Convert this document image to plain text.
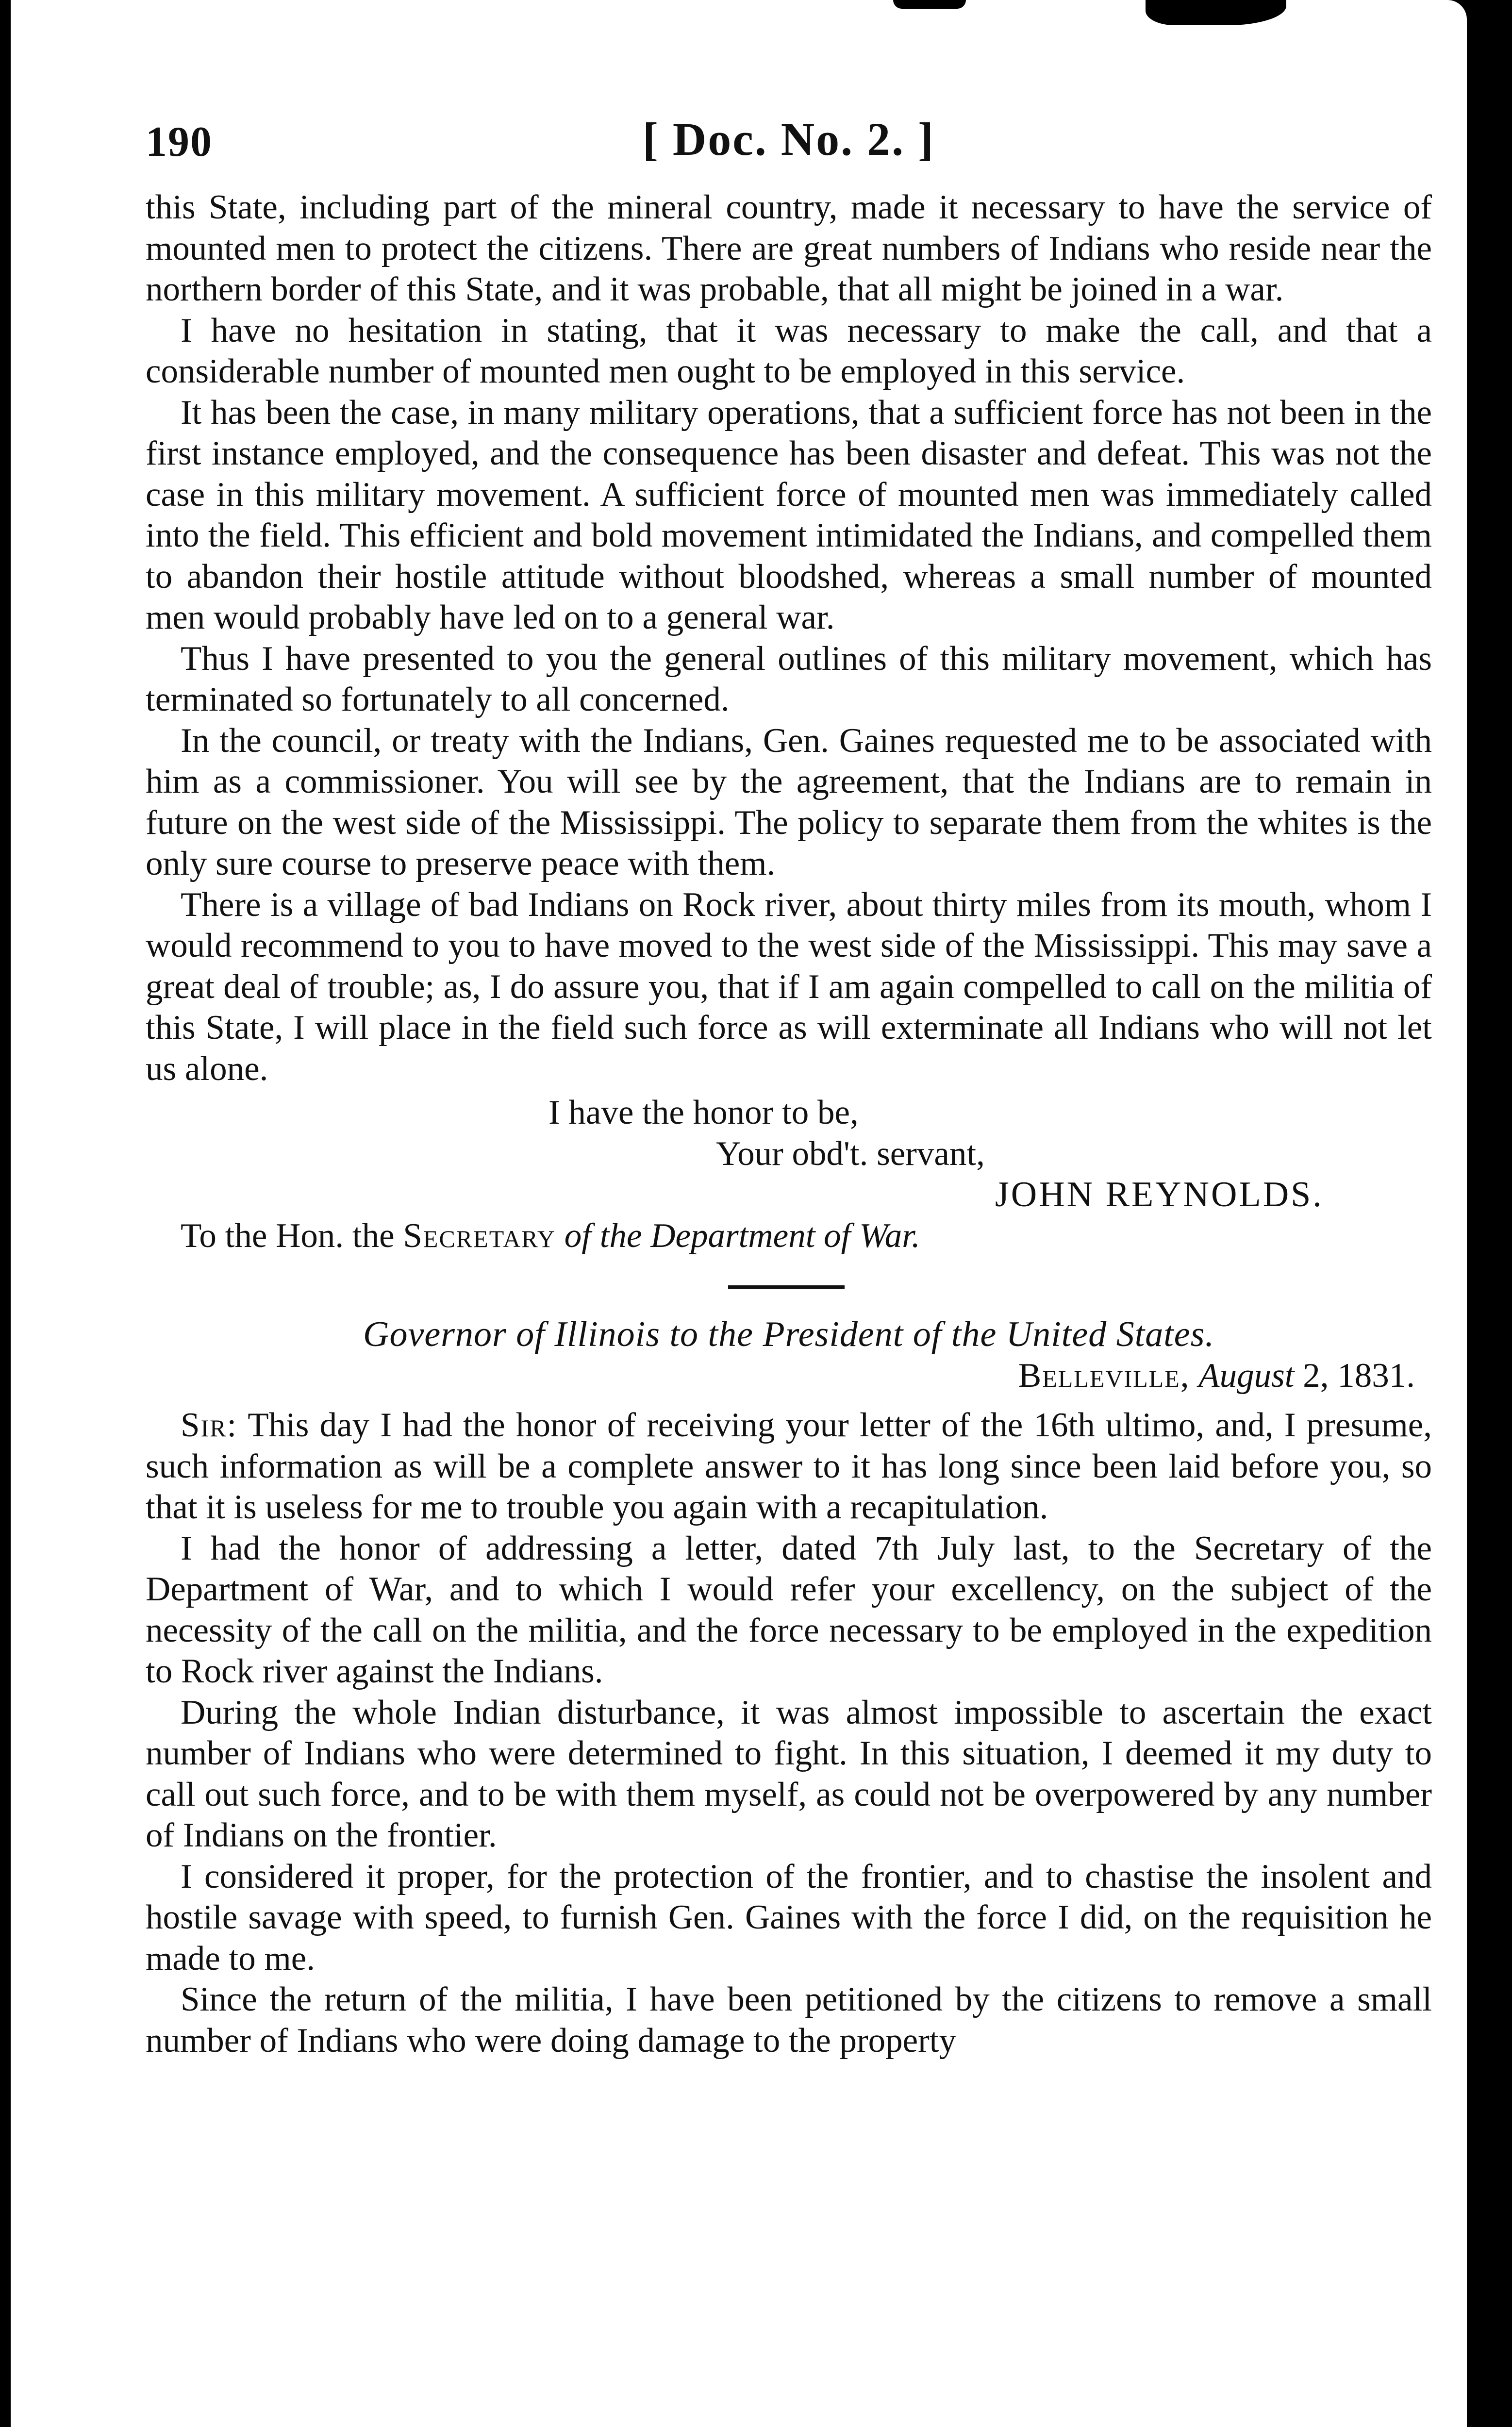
190	[ Doc. No. 2. ]

this State, including part of the mineral country, made it necessary to have the service of mounted men to protect the citizens. There are great numbers of Indians who reside near the northern border of this State, and it was probable, that all might be joined in a war.

I have no hesitation in stating, that it was necessary to make the call, and that a considerable number of mounted men ought to be employed in this service.

It has been the case, in many military operations, that a sufficient force has not been in the first instance employed, and the consequence has been disaster and defeat. This was not the case in this military movement. A sufficient force of mounted men was immediately called into the field. This efficient and bold movement intimidated the Indians, and compelled them to abandon their hostile attitude without bloodshed, whereas a small number of mounted men would probably have led on to a general war.

Thus I have presented to you the general outlines of this military movement, which has terminated so fortunately to all concerned.

In the council, or treaty with the Indians, Gen. Gaines requested me to be associated with him as a commissioner. You will see by the agreement, that the Indians are to remain in future on the west side of the Mississippi. The policy to separate them from the whites is the only sure course to preserve peace with them.

There is a village of bad Indians on Rock river, about thirty miles from its mouth, whom I would recommend to you to have moved to the west side of the Mississippi. This may save a great deal of trouble; as, I do assure you, that if I am again compelled to call on the militia of this State, I will place in the field such force as will exterminate all Indians who will not let us alone.

I have the honor to be,
Your obd't. servant,
JOHN REYNOLDS.
To the Hon. the Secretary of the Department of War.
Governor of Illinois to the President of the United States.
Belleville, August 2, 1831.

Sir: This day I had the honor of receiving your letter of the 16th ultimo, and, I presume, such information as will be a complete answer to it has long since been laid before you, so that it is useless for me to trouble you again with a recapitulation.

I had the honor of addressing a letter, dated 7th July last, to the Secretary of the Department of War, and to which I would refer your excellency, on the subject of the necessity of the call on the militia, and the force necessary to be employed in the expedition to Rock river against the Indians.

During the whole Indian disturbance, it was almost impossible to ascertain the exact number of Indians who were determined to fight. In this situation, I deemed it my duty to call out such force, and to be with them myself, as could not be overpowered by any number of Indians on the frontier.

I considered it proper, for the protection of the frontier, and to chastise the insolent and hostile savage with speed, to furnish Gen. Gaines with the force I did, on the requisition he made to me.

Since the return of the militia, I have been petitioned by the citizens to remove a small number of Indians who were doing damage to the property
